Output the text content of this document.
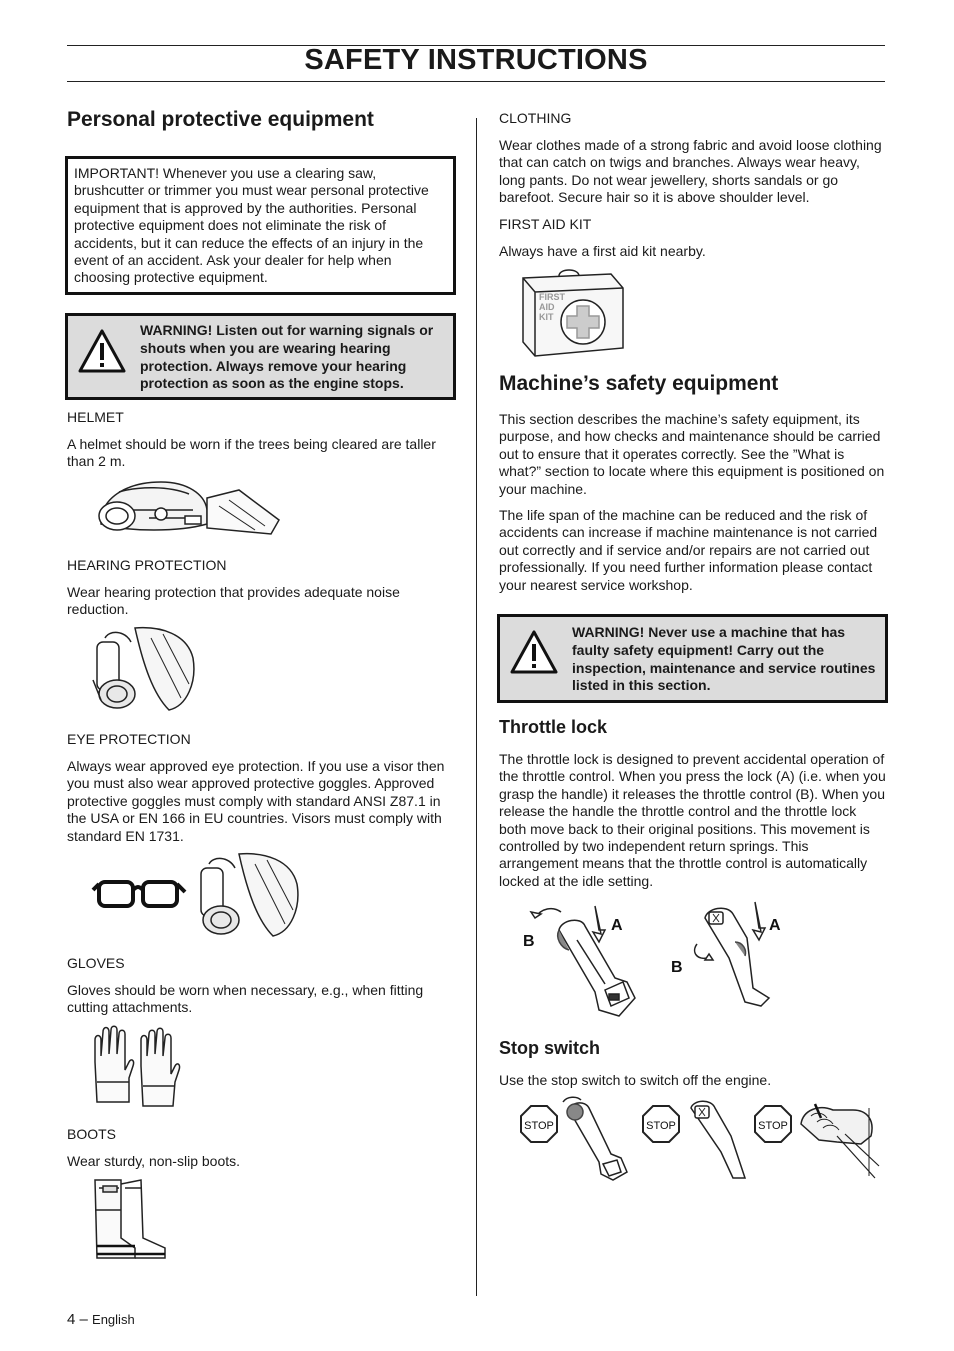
SAFETY INSTRUCTIONS
Personal protective equipment
IMPORTANT! Whenever you use a clearing saw, brushcutter or trimmer you must wear personal protective equipment that is approved by the authorities. Personal protective equipment does not eliminate the risk of accidents, but it can reduce the effects of an injury in the event of an accident. Ask your dealer for help when choosing protective equipment.
WARNING! Listen out for warning signals or shouts when you are wearing hearing protection. Always remove your hearing protection as soon as the engine stops.
HELMET
A helmet should be worn if the trees being cleared are taller than 2 m.
HEARING PROTECTION
Wear hearing protection that provides adequate noise reduction.
EYE PROTECTION
Always wear approved eye protection. If you use a visor then you must also wear approved protective goggles. Approved protective goggles must comply with standard ANSI Z87.1 in the USA or EN 166 in EU countries. Visors must comply with standard EN 1731.
GLOVES
Gloves should be worn when necessary, e.g., when fitting cutting attachments.
BOOTS
Wear sturdy, non-slip boots.
CLOTHING
Wear clothes made of a strong fabric and avoid loose clothing that can catch on twigs and branches. Always wear heavy, long pants. Do not wear jewellery, shorts sandals or go barefoot. Secure hair so it is above shoulder level.
FIRST AID KIT
Always have a first aid kit nearby.
FIRST
AID
KIT
Machine’s safety equipment
This section describes the machine’s safety equipment, its purpose, and how checks and maintenance should be carried out to ensure that it operates correctly. See the ”What is what?” section to locate where this equipment is positioned on your machine.
The life span of the machine can be reduced and the risk of accidents can increase if machine maintenance is not carried out correctly and if service and/or repairs are not carried out professionally. If you need further information please contact your nearest service workshop.
WARNING! Never use a machine that has faulty safety equipment! Carry out the inspection, maintenance and service routines listed in this section.
Throttle lock
The throttle lock is designed to prevent accidental operation of the throttle control. When you press the lock (A) (i.e. when you grasp the handle) it releases the throttle control (B). When you release the handle the throttle control and the throttle lock both move back to their original positions. This movement is controlled by two independent return springs. This arrangement means that the throttle control is automatically locked at the idle setting.
A
B
A
B
Stop switch
Use the stop switch to switch off the engine.
STOP	STOP	STOP
4 – English
